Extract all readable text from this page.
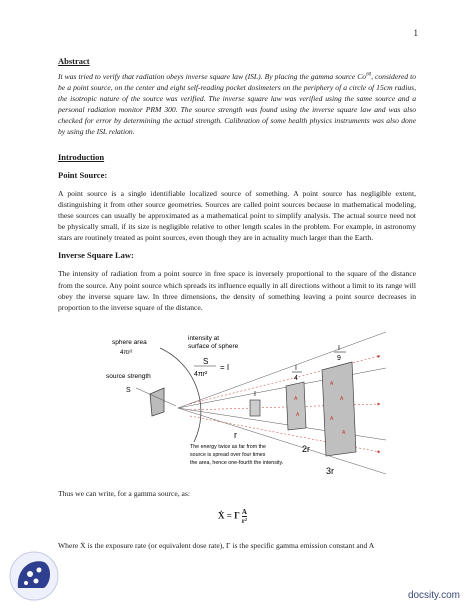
1
Abstract

It was tried to verify that radiation obeys inverse square law (ISL). By placing the gamma source Co$^{60}$, considered to be a point source, on the center and eight self-reading pocket dosimeters on the periphery of a circle of 15cm radius, the isotropic nature of the source was verified. The inverse square law was verified using the same source and a personal radiation monitor PRM 300. The source strength was found using the inverse square law and was also checked for error by determining the actual strength. Calibration of some health physics instruments was also done by using the ISL relation.

Introduction
Point Source:

A point source is a single identifiable localized source of something. A point source has negligible extent, distinguishing it from other source geometries. Sources are called point sources because in mathematical modeling, these sources can usually be approximated as a mathematical point to simplify analysis. The actual source need not be physically small, if its size is negligible relative to other length scales in the problem. For example, in astronomy stars are routinely treated as point sources, even though they are in actuality much larger than the Earth.

Inverse Square Law:

The intensity of radiation from a point source in free space is inversely proportional to the square of the distance from the source. Any point source which spreads its influence equally in all directions without a limit to its range will obey the inverse square law. In three dimensions, the density of something leaving a point source decreases in proportion to the inverse square of the distance.

A
A
A
A
A
A
sphere area
4πr²
source strength
S
intensity at
surface of sphere
S
4πr²
= I
I
I
4
I
9
r
2r
3r
The energy twice as far from the
source is spread over four times
the area, hence one-fourth the intensity.

Thus we can write, for a gamma source, as:

Ẋ = Γ $\frac{A}{\text{r²}}$

Where Ẋ is the exposure rate (or equivalent dose rate), Γ is the specific gamma emission constant and A

docsity.com
